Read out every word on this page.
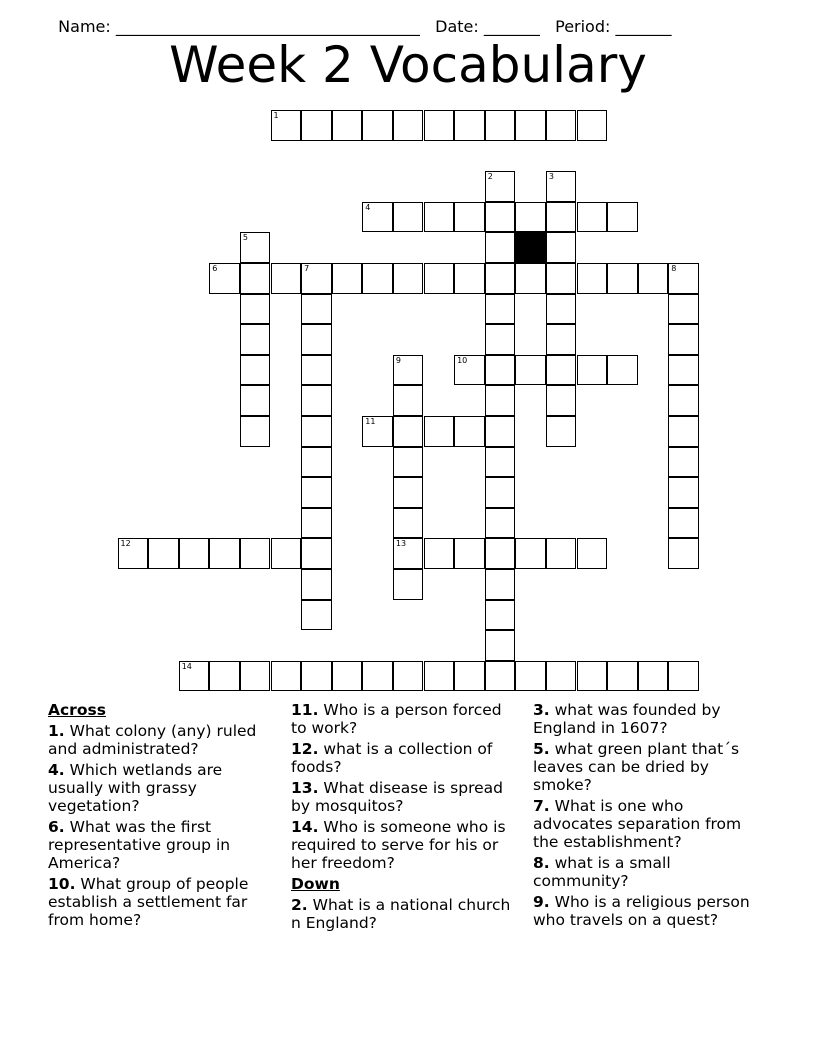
Name: ______________________________________ Date: _______ Period: _______

Week 2 Vocabulary
1
2	3
4
5
6	7	8
9
13
10
11
12
14
Across
1. What colony (any) ruled and administrated?
4. Which wetlands are usually with grassy vegetation?
6. What was the first representative group in America?
10. What group of people establish a settlement far from home?
11. Who is a person forced to work?
12. what is a collection of foods?
13. What disease is spread by mosquitos?
14. Who is someone who is required to serve for his or her freedom?
Down
2. What is a national church n England?
3. what was founded by England in 1607?
5. what green plant that´s leaves can be dried by smoke?
7. What is one who advocates separation from the establishment?
8. what is a small community?
9. Who is a religious person who travels on a quest?
